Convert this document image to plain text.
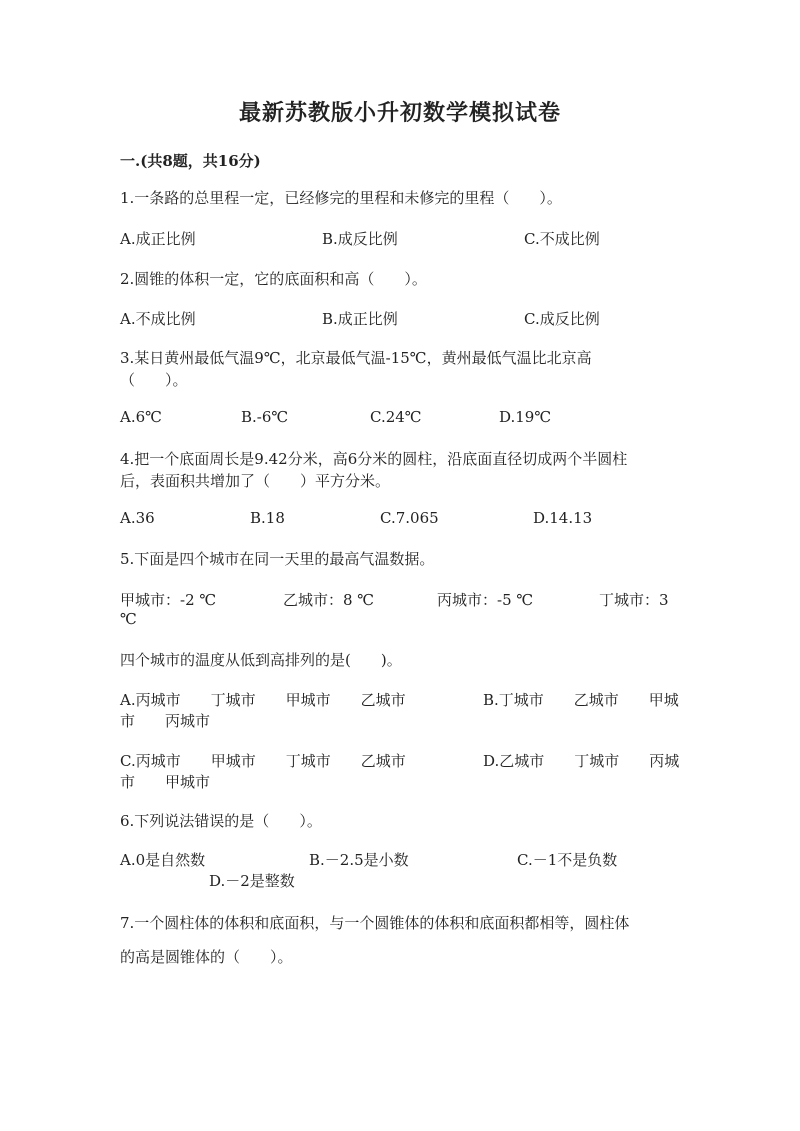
最新苏教版小升初数学模拟试卷
一.(共8题，共16分)
1.一条路的总里程一定，已经修完的里程和未修完的里程（　　）。
A.成正比例	B.成反比例	C.不成比例
2.圆锥的体积一定，它的底面积和高（　　）。
A.不成比例	B.成正比例	C.成反比例
3.某日黄州最低气温9℃，北京最低气温-15℃，黄州最低气温比北京高
（　　）。
A.6℃	B.-6℃	C.24℃	D.19℃
4.把一个底面周长是9.42分米，高6分米的圆柱，沿底面直径切成两个半圆柱
后，表面积共增加了（　　）平方分米。
A.36	B.18	C.7.065	D.14.13
5.下面是四个城市在同一天里的最高气温数据。
甲城市：-2 ℃	乙城市：8 ℃	丙城市：-5 ℃	丁城市：3
℃
四个城市的温度从低到高排列的是(　　)。
A.丙城市　　丁城市　　甲城市　　乙城市	B.丁城市　　乙城市　　甲城
市　　丙城市
C.丙城市　　甲城市　　丁城市　　乙城市	D.乙城市　　丁城市　　丙城
市　　甲城市
6.下列说法错误的是（　　）。
A.0是自然数	B.－2.5是小数	C.－1不是负数
D.－2是整数
7.一个圆柱体的体积和底面积，与一个圆锥体的体积和底面积都相等，圆柱体
的高是圆锥体的（　　）。
